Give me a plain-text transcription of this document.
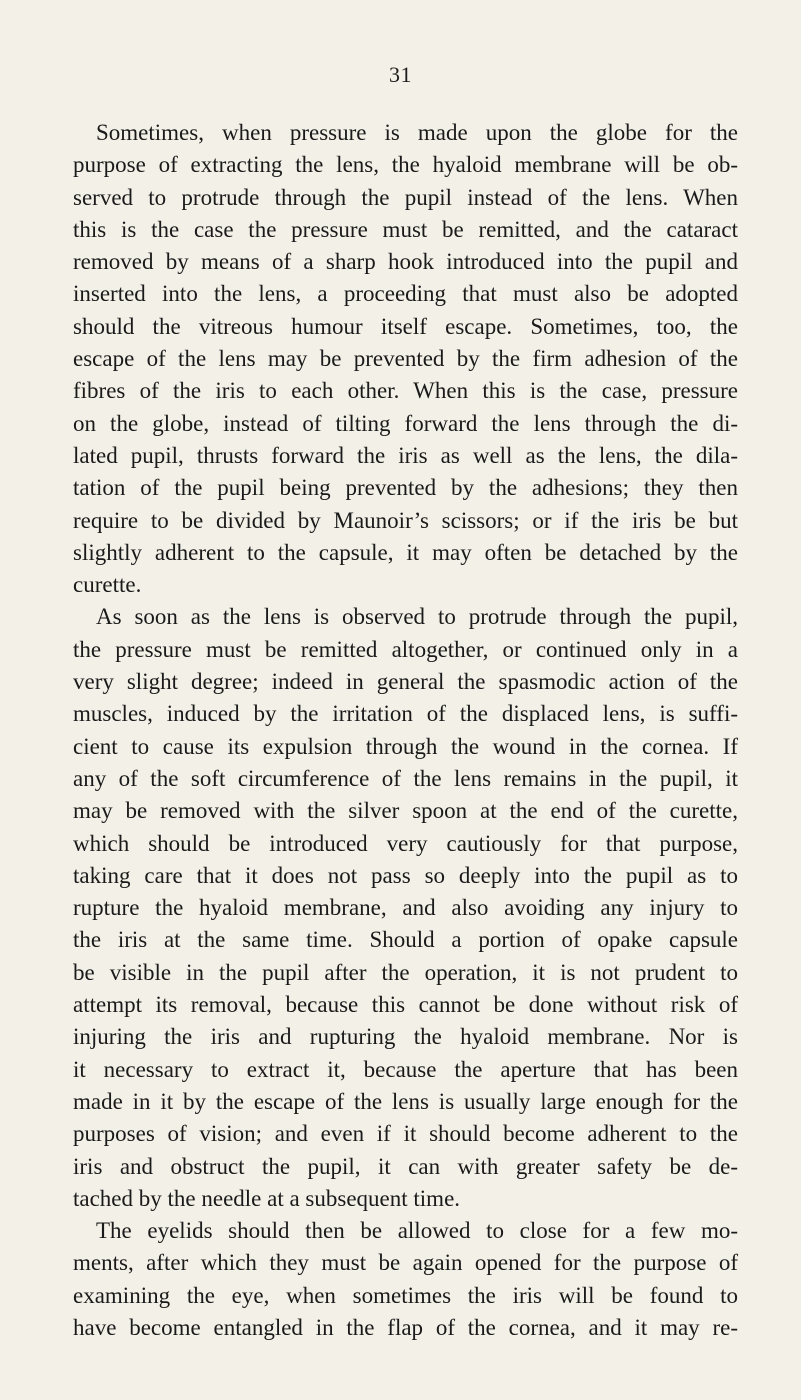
31
Sometimes, when pressure is made upon the globe for the
purpose of extracting the lens, the hyaloid membrane will be ob-
served to protrude through the pupil instead of the lens. When
this is the case the pressure must be remitted, and the cataract
removed by means of a sharp hook introduced into the pupil and
inserted into the lens, a proceeding that must also be adopted
should the vitreous humour itself escape. Sometimes, too, the
escape of the lens may be prevented by the firm adhesion of the
fibres of the iris to each other. When this is the case, pressure
on the globe, instead of tilting forward the lens through the di-
lated pupil, thrusts forward the iris as well as the lens, the dila-
tation of the pupil being prevented by the adhesions; they then
require to be divided by Maunoir’s scissors; or if the iris be but
slightly adherent to the capsule, it may often be detached by the
curette.
As soon as the lens is observed to protrude through the pupil,
the pressure must be remitted altogether, or continued only in a
very slight degree; indeed in general the spasmodic action of the
muscles, induced by the irritation of the displaced lens, is suffi-
cient to cause its expulsion through the wound in the cornea. If
any of the soft circumference of the lens remains in the pupil, it
may be removed with the silver spoon at the end of the curette,
which should be introduced very cautiously for that purpose,
taking care that it does not pass so deeply into the pupil as to
rupture the hyaloid membrane, and also avoiding any injury to
the iris at the same time. Should a portion of opake capsule
be visible in the pupil after the operation, it is not prudent to
attempt its removal, because this cannot be done without risk of
injuring the iris and rupturing the hyaloid membrane. Nor is
it necessary to extract it, because the aperture that has been
made in it by the escape of the lens is usually large enough for the
purposes of vision; and even if it should become adherent to the
iris and obstruct the pupil, it can with greater safety be de-
tached by the needle at a subsequent time.
The eyelids should then be allowed to close for a few mo-
ments, after which they must be again opened for the purpose of
examining the eye, when sometimes the iris will be found to
have become entangled in the flap of the cornea, and it may re-
